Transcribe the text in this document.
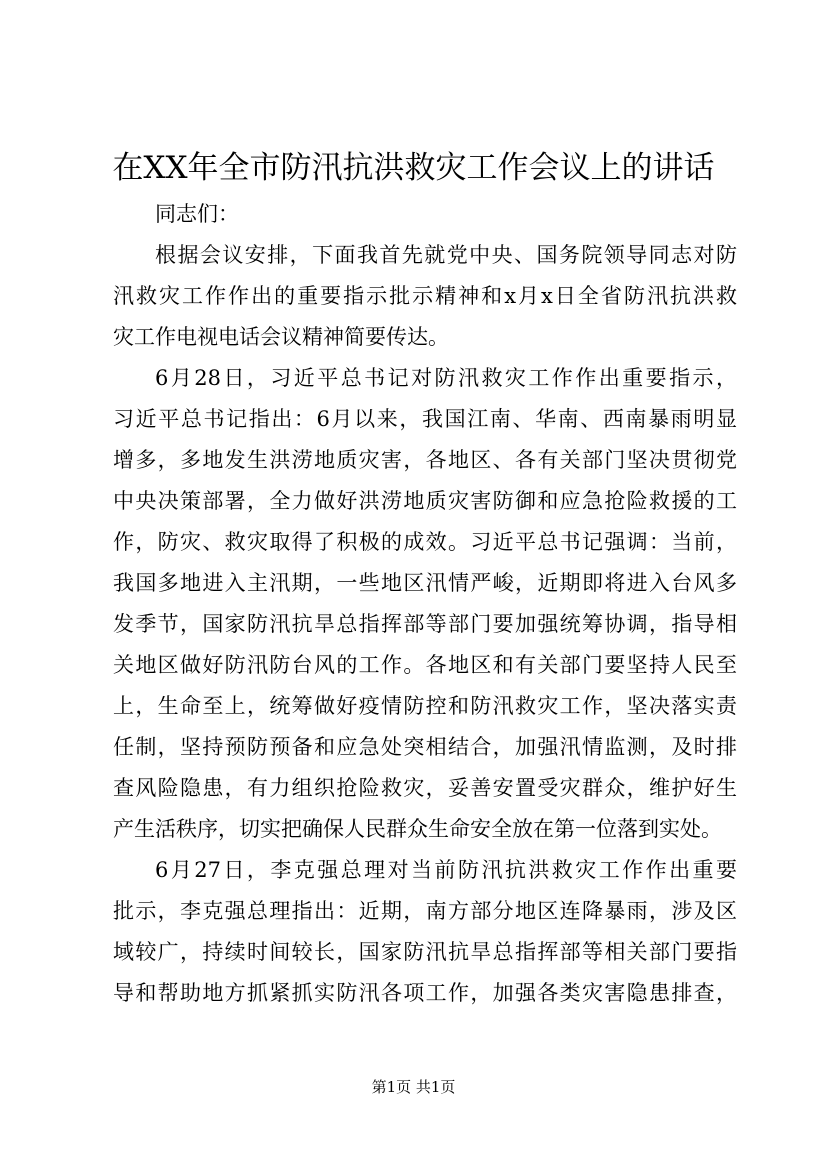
在XX年全市防汛抗洪救灾工作会议上的讲话
同志们：
根据会议安排，下面我首先就党中央、国务院领导同志对防
汛救灾工作作出的重要指示批示精神和x月x日全省防汛抗洪救
灾工作电视电话会议精神简要传达。
6月28日，习近平总书记对防汛救灾工作作出重要指示，
习近平总书记指出：6月以来，我国江南、华南、西南暴雨明显
增多，多地发生洪涝地质灾害，各地区、各有关部门坚决贯彻党
中央决策部署，全力做好洪涝地质灾害防御和应急抢险救援的工
作，防灾、救灾取得了积极的成效。习近平总书记强调：当前，
我国多地进入主汛期，一些地区汛情严峻，近期即将进入台风多
发季节，国家防汛抗旱总指挥部等部门要加强统筹协调，指导相
关地区做好防汛防台风的工作。各地区和有关部门要坚持人民至
上，生命至上，统筹做好疫情防控和防汛救灾工作，坚决落实责
任制，坚持预防预备和应急处突相结合，加强汛情监测，及时排
查风险隐患，有力组织抢险救灾，妥善安置受灾群众，维护好生
产生活秩序，切实把确保人民群众生命安全放在第一位落到实处。
6月27日，李克强总理对当前防汛抗洪救灾工作作出重要
批示，李克强总理指出：近期，南方部分地区连降暴雨，涉及区
域较广，持续时间较长，国家防汛抗旱总指挥部等相关部门要指
导和帮助地方抓紧抓实防汛各项工作，加强各类灾害隐患排查，
第1页 共1页
